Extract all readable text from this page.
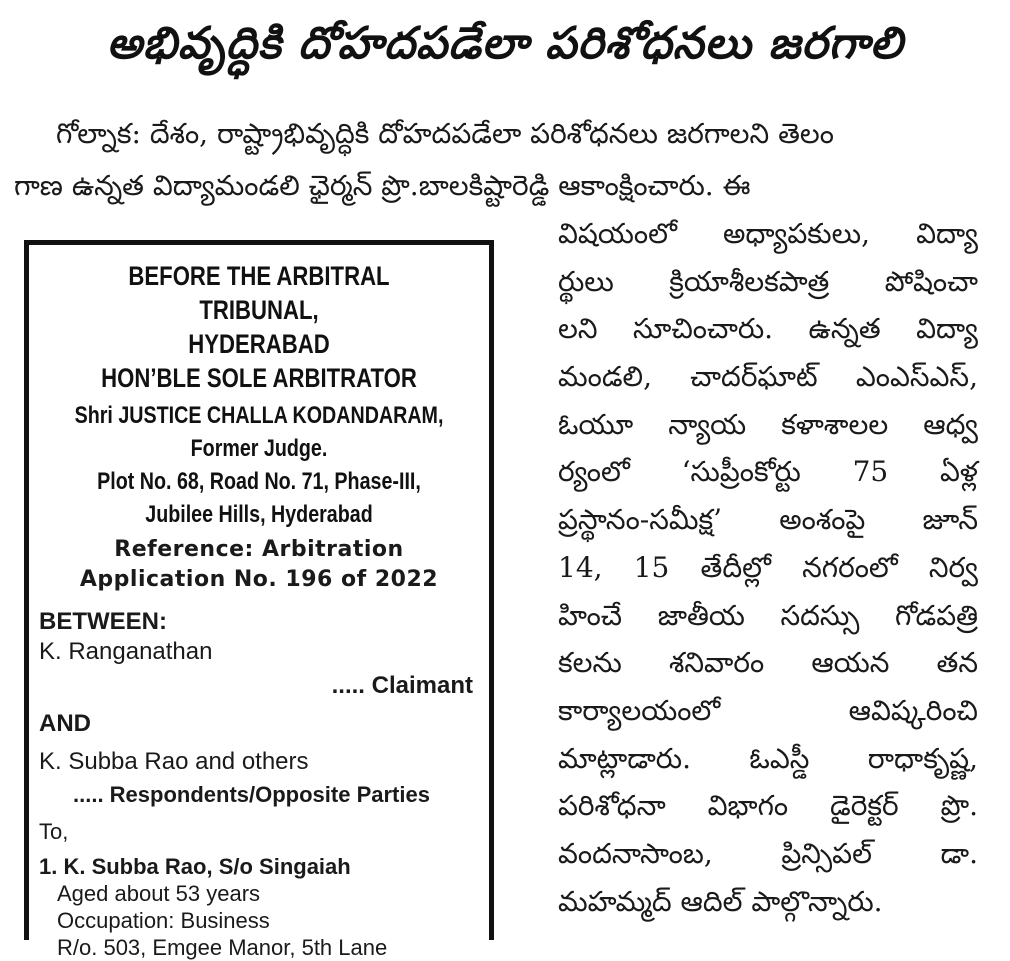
అభివృద్ధికి దోహదపడేలా పరిశోధనలు జరగాలి
గోల్నాక: దేశం, రాష్ట్రాభివృద్ధికి దోహదపడేలా పరిశోధనలు జరగాలని తెలం
గాణ ఉన్నత విద్యామండలి ఛైర్మన్ ప్రొ.బాలకిష్టారెడ్డి ఆకాంక్షించారు. ఈ
విషయంలో అధ్యాపకులు, విద్యా
ర్థులు క్రియాశీలకపాత్ర పోషించా
లని సూచించారు. ఉన్నత విద్యా
మండలి, చాదర్‌ఘాట్ ఎంఎస్ఎస్,
ఓయూ న్యాయ కళాశాలల ఆధ్వ
ర్యంలో ‘సుప్రీంకోర్టు 75 ఏళ్ల
ప్రస్థానం-సమీక్ష’ అంశంపై జూన్
14, 15 తేదీల్లో నగరంలో నిర్వ
హించే జాతీయ సదస్సు గోడపత్రి
కలను శనివారం ఆయన తన
కార్యాలయంలో ఆవిష్కరించి
మాట్లాడారు. ఓఎస్డీ రాధాకృష్ణ,
పరిశోధనా విభాగం డైరెక్టర్ ప్రొ.
వందనాసాంబ, ప్రిన్సిపల్ డా.
మహమ్మద్ ఆదిల్ పాల్గొన్నారు.
BEFORE THE ARBITRAL TRIBUNAL,
HYDERABAD
HON’BLE SOLE ARBITRATOR
Shri JUSTICE CHALLA KODANDARAM,
Former Judge.
Plot No. 68, Road No. 71, Phase-III,
Jubilee Hills, Hyderabad
Reference: Arbitration
Application No. 196 of 2022
BETWEEN:
K. Ranganathan
..... Claimant
AND
K. Subba Rao and others
..... Respondents/Opposite Parties
To,
1. K. Subba Rao, S/o Singaiah
Aged about 53 years
Occupation: Business
R/o. 503, Emgee Manor, 5th Lane
